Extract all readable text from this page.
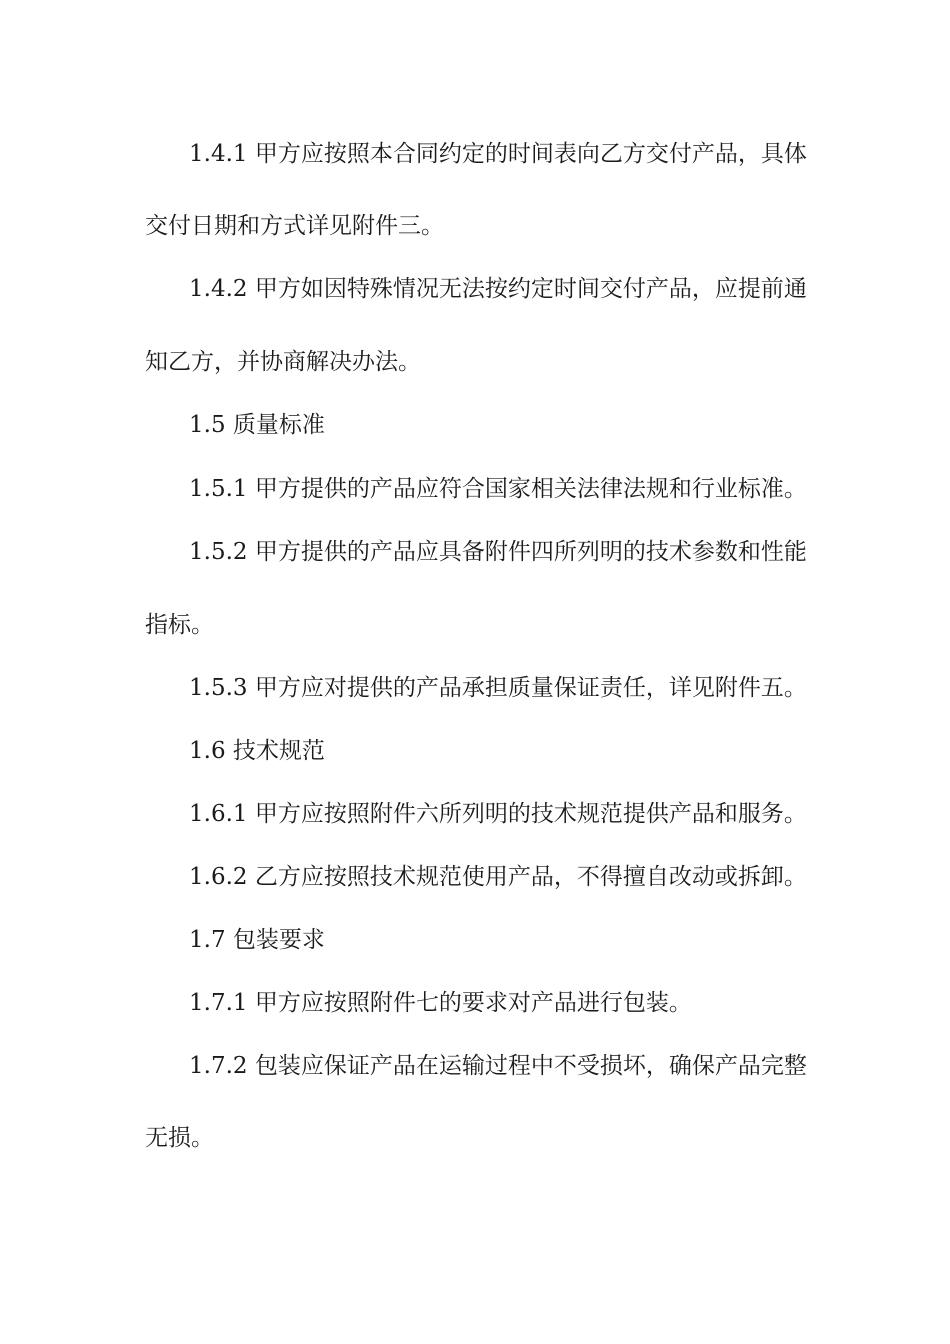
1.4.1 甲方应按照本合同约定的时间表向乙方交付产品，具体
交付日期和方式详见附件三。
1.4.2 甲方如因特殊情况无法按约定时间交付产品，应提前通
知乙方，并协商解决办法。
1.5 质量标准
1.5.1 甲方提供的产品应符合国家相关法律法规和行业标准。
1.5.2 甲方提供的产品应具备附件四所列明的技术参数和性能
指标。
1.5.3 甲方应对提供的产品承担质量保证责任，详见附件五。
1.6 技术规范
1.6.1 甲方应按照附件六所列明的技术规范提供产品和服务。
1.6.2 乙方应按照技术规范使用产品，不得擅自改动或拆卸。
1.7 包装要求
1.7.1 甲方应按照附件七的要求对产品进行包装。
1.7.2 包装应保证产品在运输过程中不受损坏，确保产品完整
无损。
